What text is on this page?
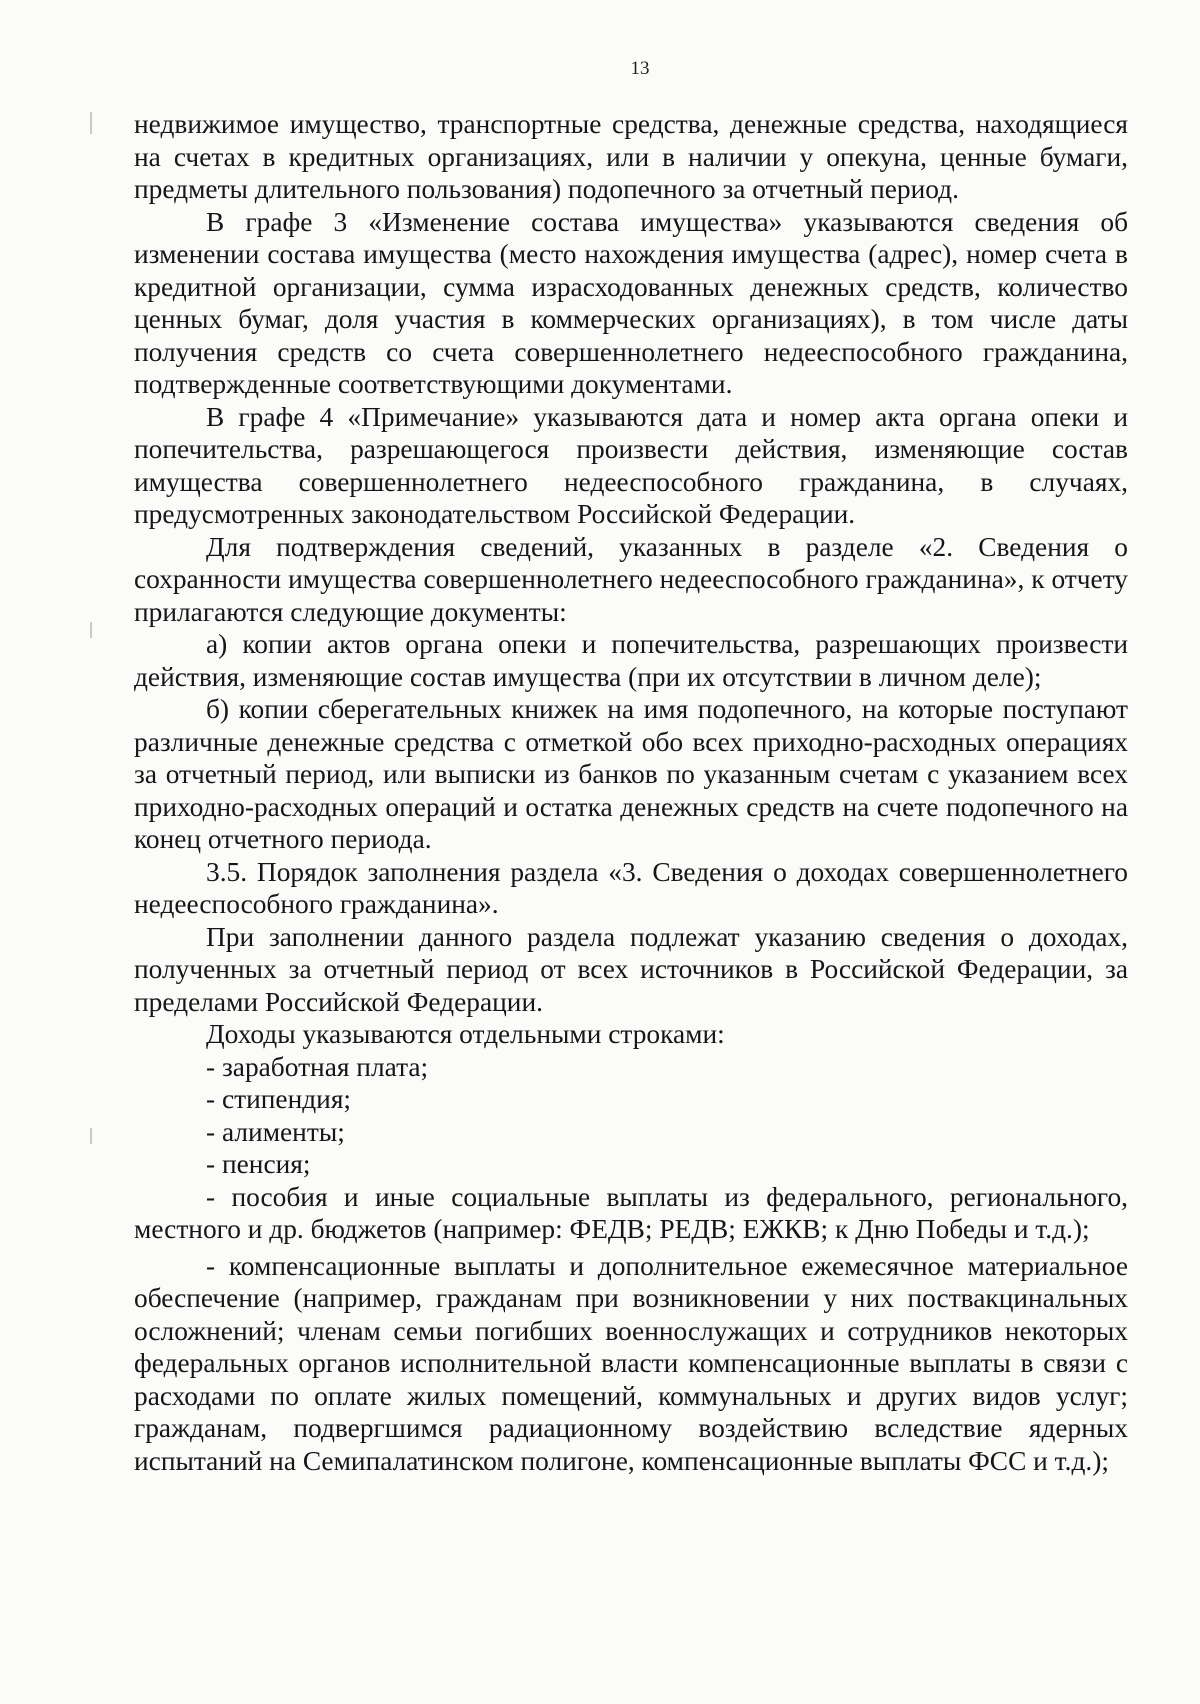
13

недвижимое имущество, транспортные средства, денежные средства, находящиеся на счетах в кредитных организациях, или в наличии у опекуна, ценные бумаги, предметы длительного пользования) подопечного за отчетный период.

В графе 3 «Изменение состава имущества» указываются сведения об изменении состава имущества (место нахождения имущества (адрес), номер счета в кредитной организации, сумма израсходованных денежных средств, количество ценных бумаг, доля участия в коммерческих организациях), в том числе даты получения средств со счета совершеннолетнего недееспособного гражданина, подтвержденные соответствующими документами.

В графе 4 «Примечание» указываются дата и номер акта органа опеки и попечительства, разрешающегося произвести действия, изменяющие состав имущества совершеннолетнего недееспособного гражданина, в случаях, предусмотренных законодательством Российской Федерации.

Для подтверждения сведений, указанных в разделе «2. Сведения о сохранности имущества совершеннолетнего недееспособного гражданина», к отчету прилагаются следующие документы:

а) копии актов органа опеки и попечительства, разрешающих произвести действия, изменяющие состав имущества (при их отсутствии в личном деле);

б) копии сберегательных книжек на имя подопечного, на которые поступают различные денежные средства с отметкой обо всех приходно-расходных операциях за отчетный период, или выписки из банков по указанным счетам с указанием всех приходно-расходных операций и остатка денежных средств на счете подопечного на конец отчетного периода.

3.5. Порядок заполнения раздела «3. Сведения о доходах совершеннолетнего недееспособного гражданина».

При заполнении данного раздела подлежат указанию сведения о доходах, полученных за отчетный период от всех источников в Российской Федерации, за пределами Российской Федерации.

Доходы указываются отдельными строками:

- заработная плата;

- стипендия;

- алименты;

- пенсия;

- пособия и иные социальные выплаты из федерального, регионального, местного и др. бюджетов (например: ФЕДВ; РЕДВ; ЕЖКВ; к Дню Победы и т.д.);

- компенсационные выплаты и дополнительное ежемесячное материальное обеспечение (например, гражданам при возникновении у них поствакцинальных осложнений; членам семьи погибших военнослужащих и сотрудников некоторых федеральных органов исполнительной власти компенсационные выплаты в связи с расходами по оплате жилых помещений, коммунальных и других видов услуг; гражданам, подвергшимся радиационному воздействию вследствие ядерных испытаний на Семипалатинском полигоне, компенсационные выплаты ФСС и т.д.);
